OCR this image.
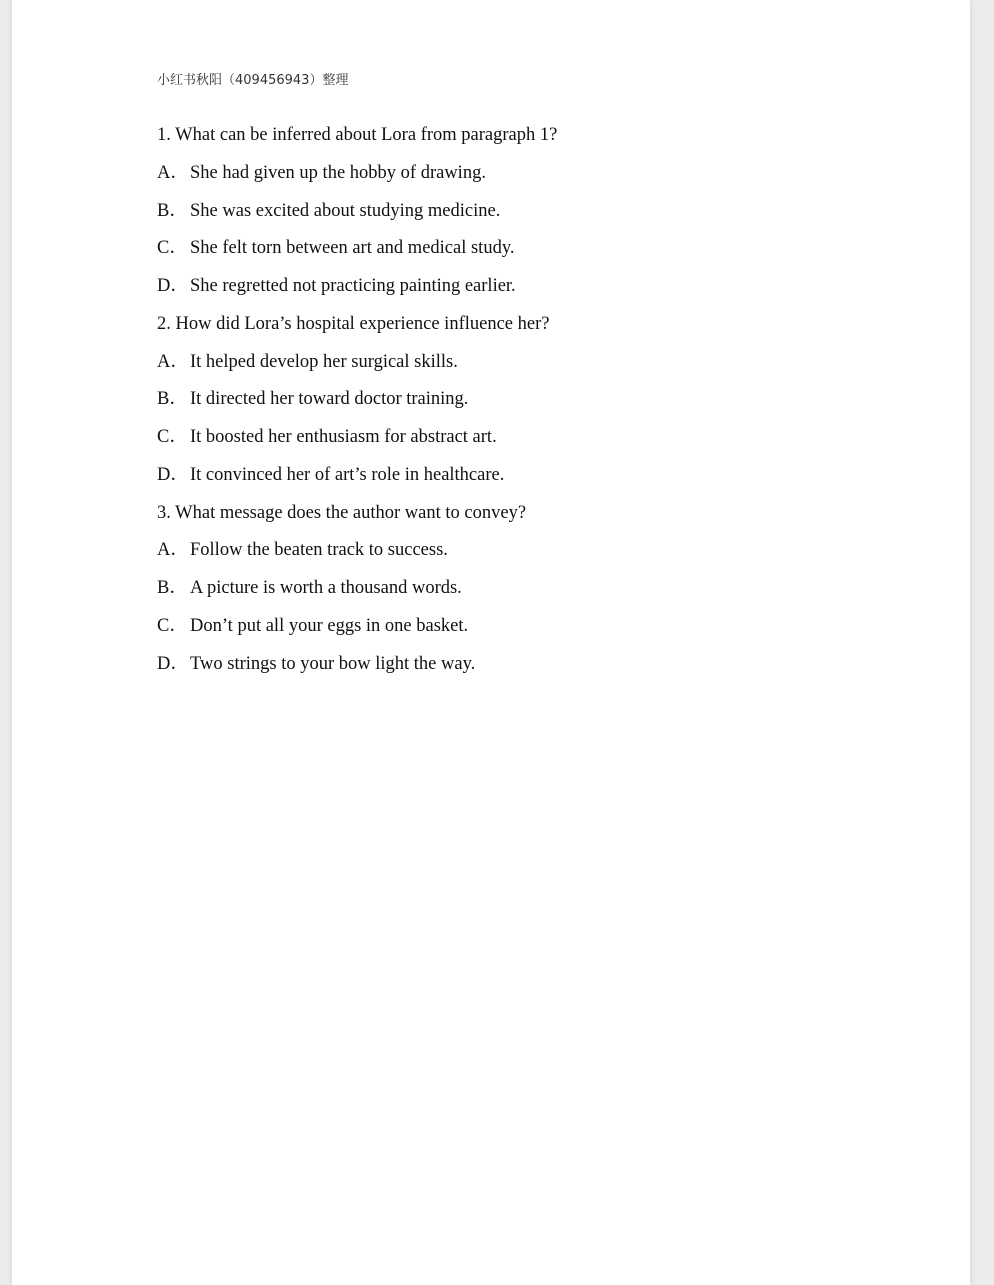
小红书秋阳（409456943）整理
1. What can be inferred about Lora from paragraph 1?
A．She had given up the hobby of drawing.
B． She was excited about studying medicine.
C． She felt torn between art and medical study.
D．She regretted not practicing painting earlier.
2. How did Lora’s hospital experience influence her?
A．It helped develop her surgical skills.
B． It directed her toward doctor training.
C． It boosted her enthusiasm for abstract art.
D．It convinced her of art’s role in healthcare.
3. What message does the author want to convey?
A．Follow the beaten track to success.
B． A picture is worth a thousand words.
C． Don’t put all your eggs in one basket.
D．Two strings to your bow light the way.
